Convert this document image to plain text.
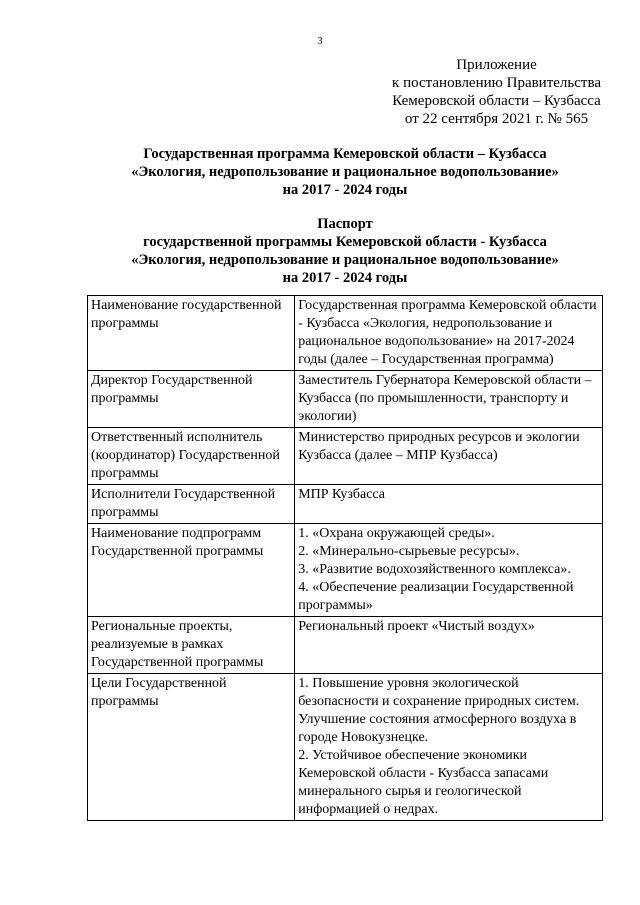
3
Приложение
к постановлению Правительства
Кемеровской области – Кузбасса
от 22 сентября 2021 г. № 565
Государственная программа Кемеровской области – Кузбасса
«Экология, недропользование и рациональное водопользование»
на 2017 - 2024 годы
Паспорт
государственной программы Кемеровской области - Кузбасса
«Экология, недропользование и рациональное водопользование»
на 2017 - 2024 годы
Наименование государственной программы	Государственная программа Кемеровской области - Кузбасса «Экология, недропользование и рациональное водопользование» на 2017-2024 годы (далее – Государственная программа)

Директор Государственной программы	Заместитель Губернатора Кемеровской области – Кузбасса (по промышленности, транспорту и экологии)

Ответственный исполнитель (координатор) Государственной программы	Министерство природных ресурсов и экологии Кузбасса (далее – МПР Кузбасса)

Исполнители Государственной программы	МПР Кузбасса

Наименование подпрограмм Государственной программы	1. «Охрана окружающей среды».
2. «Минерально-сырьевые ресурсы».
3. «Развитие водохозяйственного комплекса».
4. «Обеспечение реализации Государственной программы»

Региональные проекты, реализуемые в рамках Государственной программы	Региональный проект «Чистый воздух»

Цели Государственной программы	1. Повышение уровня экологической безопасности и сохранение природных систем. Улучшение состояния атмосферного воздуха в городе Новокузнецке.
2. Устойчивое обеспечение экономики Кемеровской области - Кузбасса запасами минерального сырья и геологической информацией о недрах.
